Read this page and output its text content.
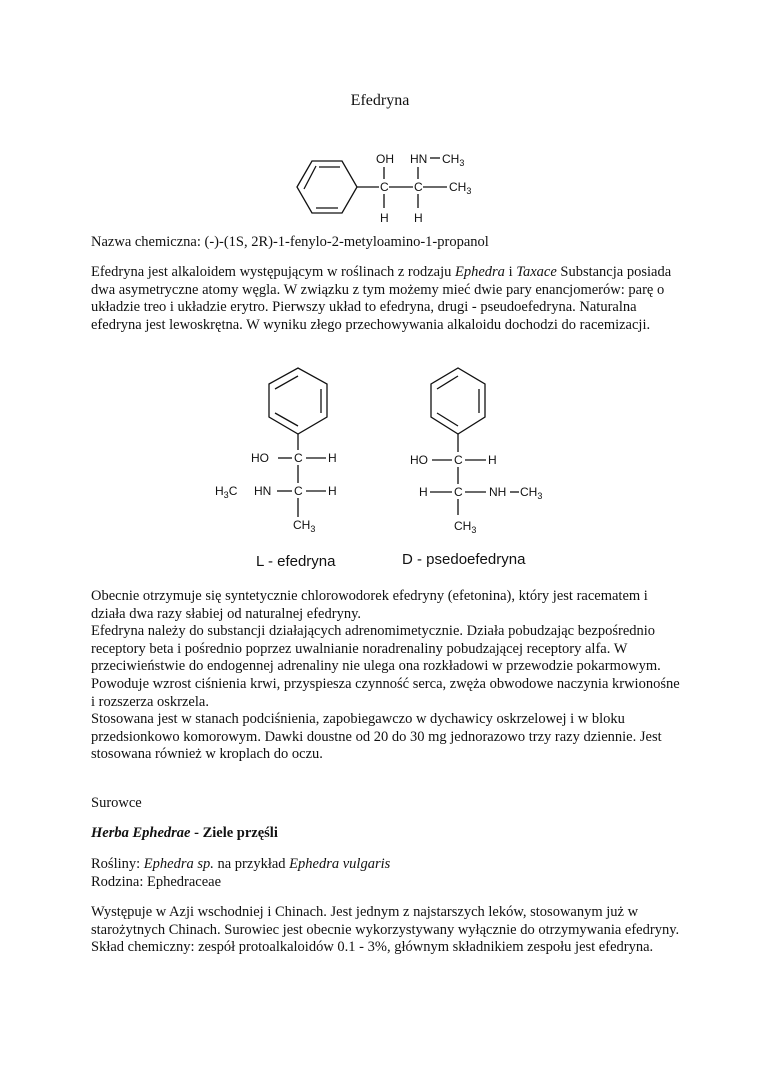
Efedryna
OH HN $CH_3$
C C $CH_3$
H H

Nazwa chemiczna: (-)-(1S, 2R)-1-fenylo-2-metyloamino-1-propanol

Efedryna jest alkaloidem występującym w roślinach z rodzaju Ephedra i Taxace Substancja posiada dwa asymetryczne atomy węgla. W związku z tym możemy mieć dwie pary enancjomerów: parę o układzie treo i układzie erytro. Pierwszy układ to efedryna, drugi - pseudoefedryna. Naturalna efedryna jest lewoskrętna. W wyniku złego przechowywania alkaloidu dochodzi do racemizacji.

HO C H
$H_3C$ HN C H
$CH_3$
HO C H
H C NH $CH_3$
$CH_3$
L - efedryna	D - psedoefedryna
Obecnie otrzymuje się syntetycznie chlorowodorek efedryny (efetonina), który jest racematem i działa dwa razy słabiej od naturalnej efedryny.
Efedryna należy do substancji działających adrenomimetycznie. Działa pobudzając bezpośrednio receptory beta i pośrednio poprzez uwalnianie noradrenaliny pobudzającej receptory alfa. W przeciwieństwie do endogennej adrenaliny nie ulega ona rozkładowi w przewodzie pokarmowym.
Powoduje wzrost ciśnienia krwi, przyspiesza czynność serca, zwęża obwodowe naczynia krwionośne i rozszerza oskrzela.
Stosowana jest w stanach podciśnienia, zapobiegawczo w dychawicy oskrzelowej i w bloku przedsionkowo komorowym. Dawki doustne od 20 do 30 mg jednorazowo trzy razy dziennie. Jest stosowana również w kroplach do oczu.

Surowce

Herba Ephedrae - Ziele przęśli

Rośliny: Ephedra sp. na przykład Ephedra vulgaris
Rodzina: Ephedraceae

Występuje w Azji wschodniej i Chinach. Jest jednym z najstarszych leków, stosowanym już w starożytnych Chinach. Surowiec jest obecnie wykorzystywany wyłącznie do otrzymywania efedryny. Skład chemiczny: zespół protoalkaloidów 0.1 - 3%, głównym składnikiem zespołu jest efedryna.
